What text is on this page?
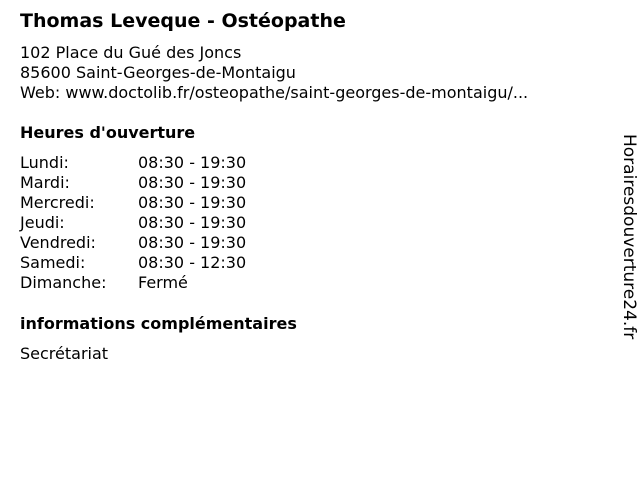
Thomas Leveque - Ostéopathe
102 Place du Gué des Joncs
85600 Saint-Georges-de-Montaigu
Web: www.doctolib.fr/osteopathe/saint-georges-de-montaigu/...
Heures d'ouverture
Lundi:	08:30 - 19:30
Mardi:	08:30 - 19:30
Mercredi:	08:30 - 19:30
Jeudi:	08:30 - 19:30
Vendredi:	08:30 - 19:30
Samedi:	08:30 - 12:30
Dimanche: Fermé
informations complémentaires
Secrétariat
Horairesdouverture24.fr
